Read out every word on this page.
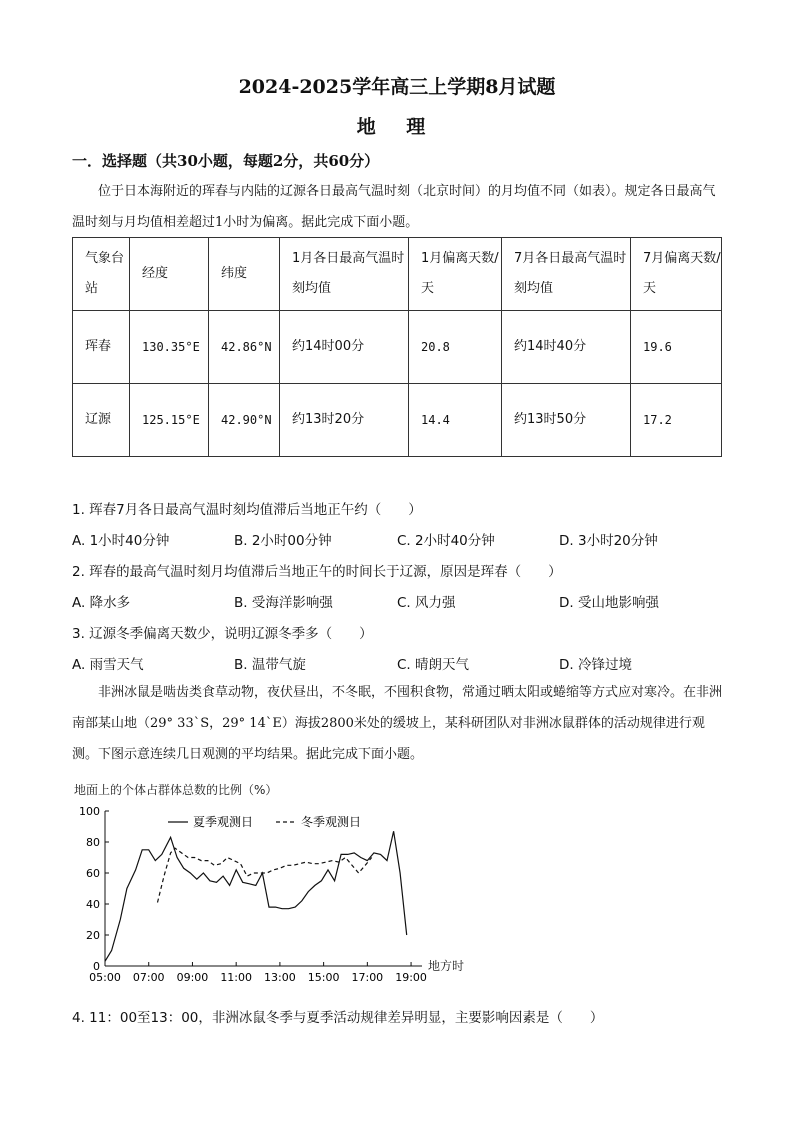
2024-2025学年高三上学期8月试题
地 理
一．选择题（共30小题，每题2分，共60分）
位于日本海附近的珲春与内陆的辽源各日最高气温时刻（北京时间）的月均值不同（如表）。规定各日最高气温时刻与月均值相差超过1小时为偏离。据此完成下面小题。
气象台站	经度	纬度	1月各日最高气温时刻均值	1月偏离天数/天	7月各日最高气温时刻均值	7月偏离天数/天
珲春	130.35°E	42.86°N	约14时00分	20.8	约14时40分	19.6
辽源	125.15°E	42.90°N	约13时20分	14.4	约13时50分	17.2
1. 珲春7月各日最高气温时刻均值滞后当地正午约（　　）
A. 1小时40分钟	B. 2小时00分钟	C. 2小时40分钟	D. 3小时20分钟
2. 珲春的最高气温时刻月均值滞后当地正午的时间长于辽源，原因是珲春（　　）
A. 降水多	B. 受海洋影响强	C. 风力强	D. 受山地影响强
3. 辽源冬季偏离天数少，说明辽源冬季多（　　）
A. 雨雪天气	B. 温带气旋	C. 晴朗天气	D. 冷锋过境
非洲冰鼠是啮齿类食草动物，夜伏昼出，不冬眠，不囤积食物，常通过晒太阳或蜷缩等方式应对寒冷。在非洲南部某山地（29° 33`S，29° 14`E）海拔2800米处的缓坡上，某科研团队对非洲冰鼠群体的活动规律进行观测。下图示意连续几日观测的平均结果。据此完成下面小题。
地面上的个体占群体总数的比例（%）
0
20
40
60
80
100
05:00 07:00 09:00 11:00 13:00 15:00 17:00 19:00
夏季观测日	冬季观测日
地方时
4. 11：00至13：00，非洲冰鼠冬季与夏季活动规律差异明显，主要影响因素是（　　）
